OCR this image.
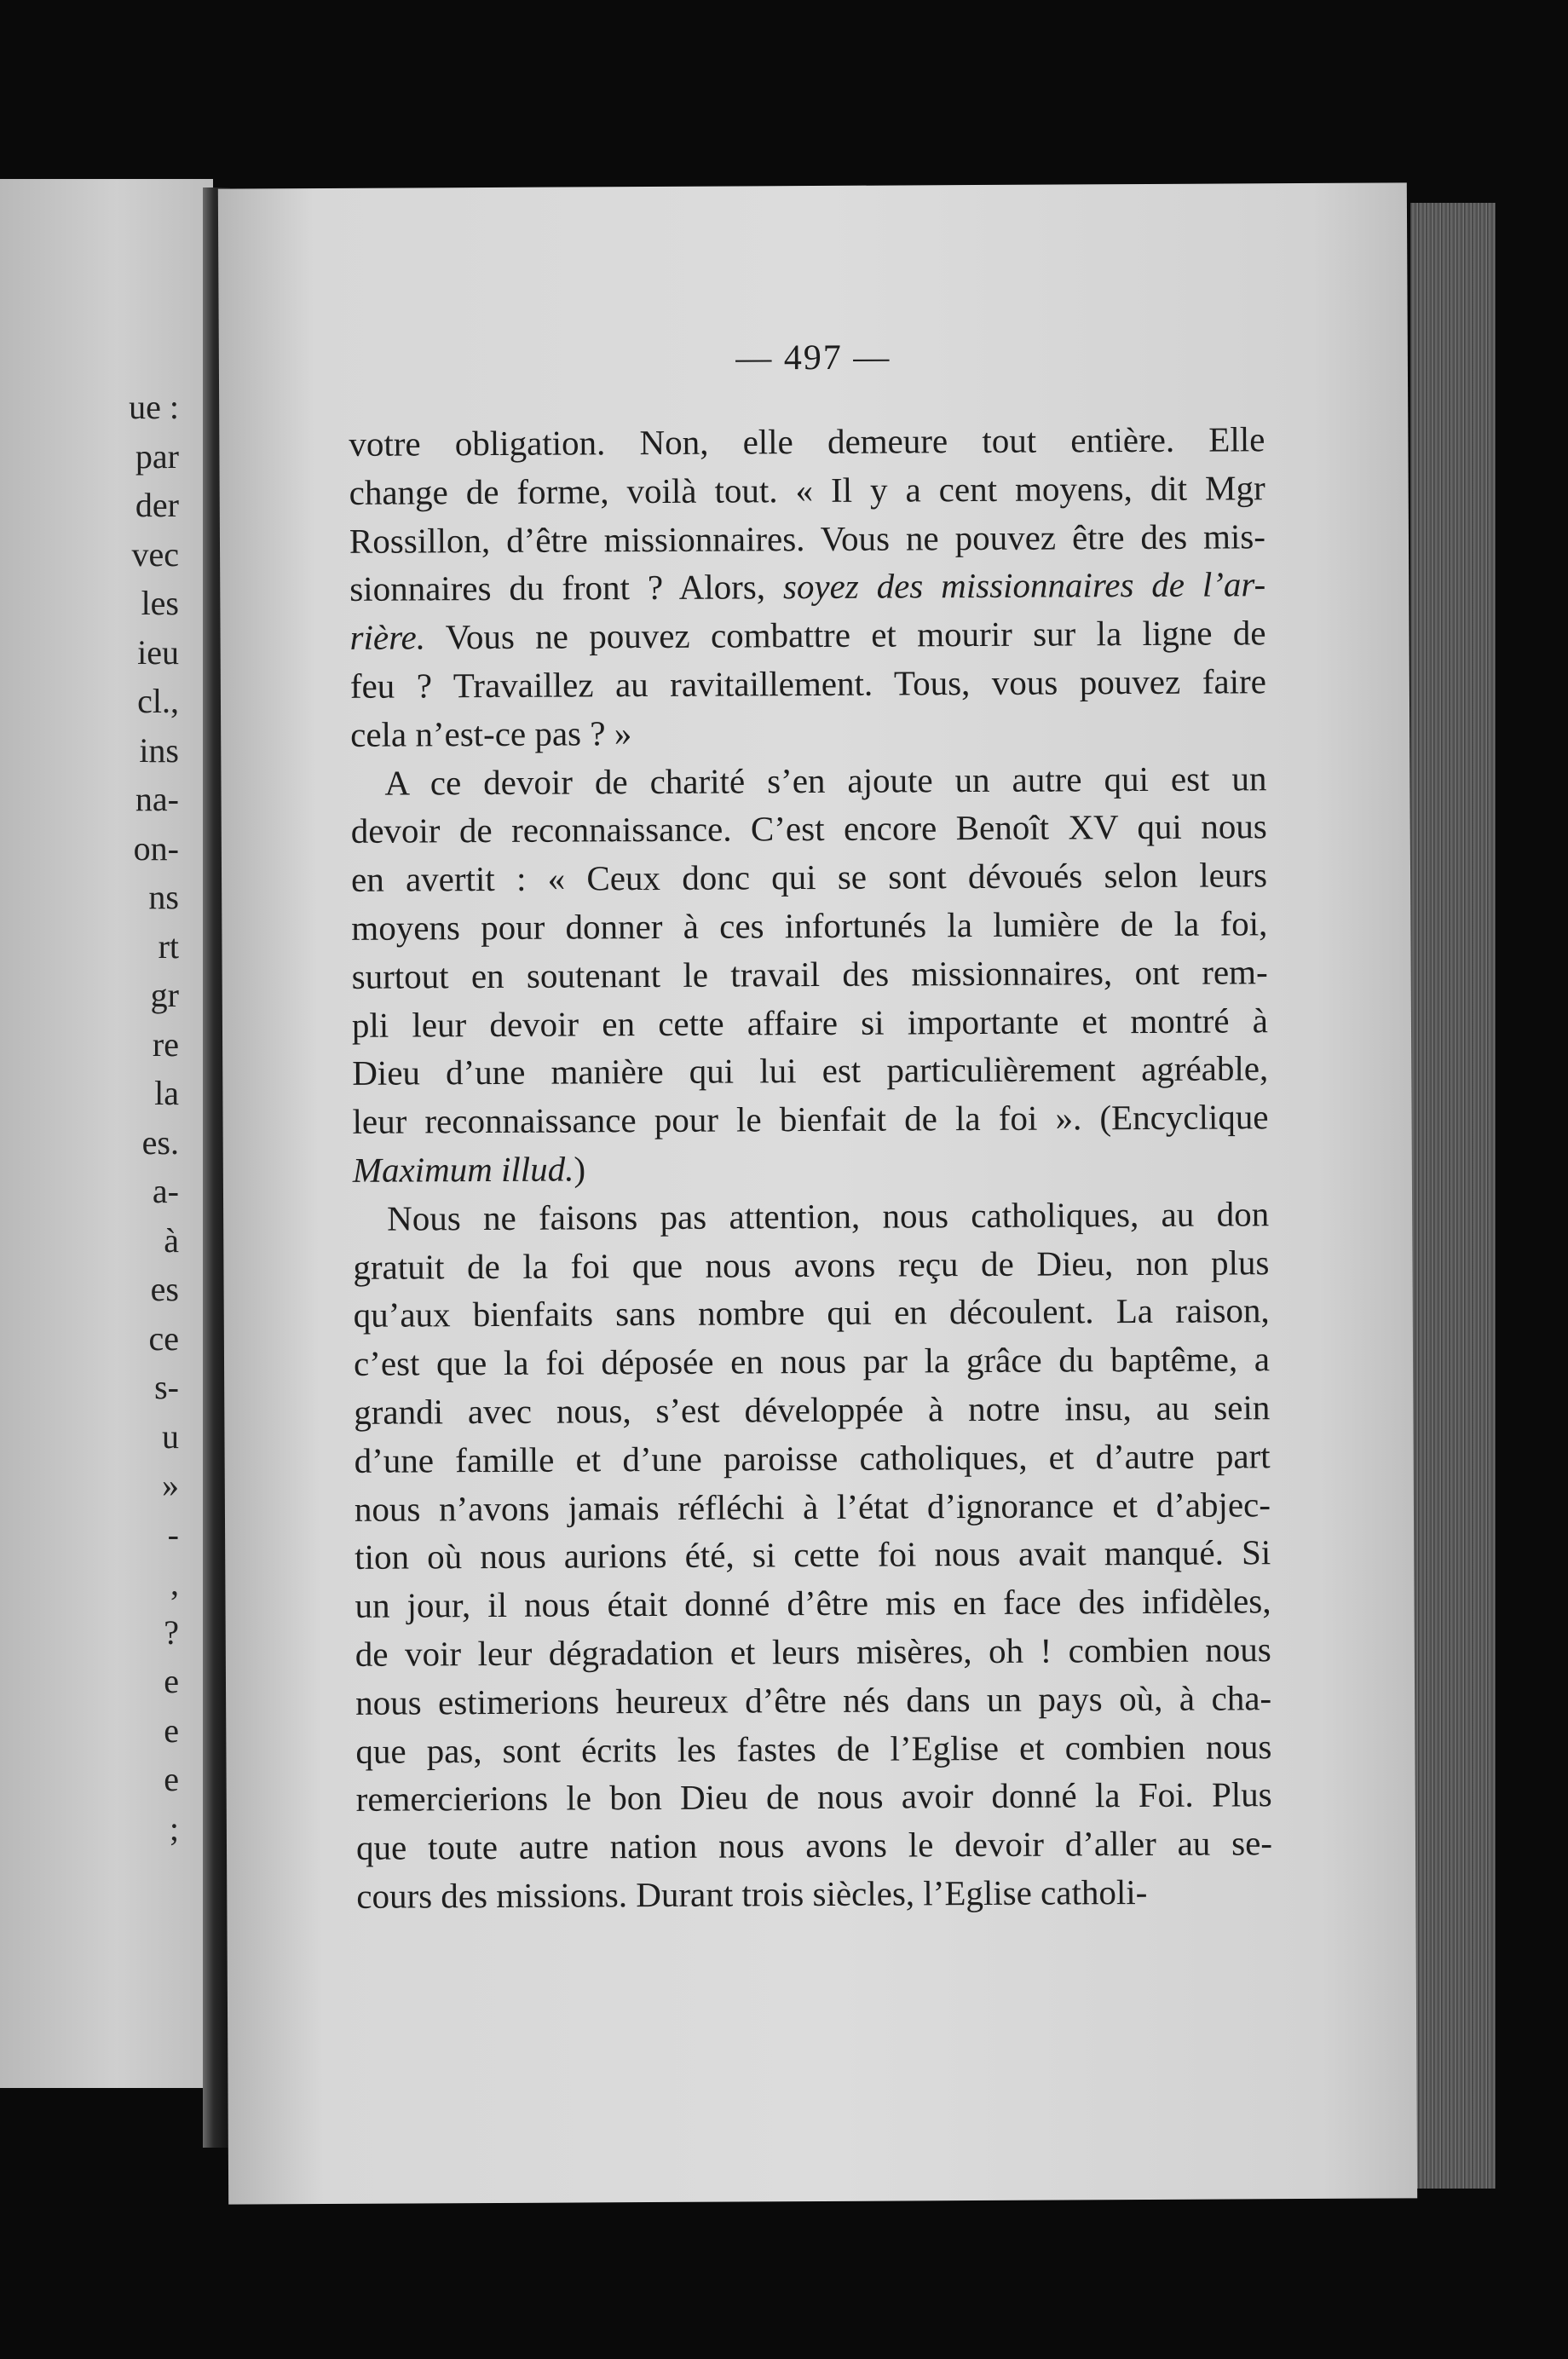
ue :
par
der
vec
les
ieu
cl.,
ins
na-
on-
ns
rt
gr
re
la
es.
a-
à
es
ce
s-
u
»
-
,
?
e
e
e
;
— 497 —
votre obligation. Non, elle demeure tout entière. Elle
change de forme, voilà tout. « Il y a cent moyens, dit Mgr
Rossillon, d’être missionnaires. Vous ne pouvez être des mis-
sionnaires du front ? Alors, soyez des missionnaires de l’ar-
rière. Vous ne pouvez combattre et mourir sur la ligne de
feu ? Travaillez au ravitaillement. Tous, vous pouvez faire
cela n’est-ce pas ? »
A ce devoir de charité s’en ajoute un autre qui est un
devoir de reconnaissance. C’est encore Benoît XV qui nous
en avertit : « Ceux donc qui se sont dévoués selon leurs
moyens pour donner à ces infortunés la lumière de la foi,
surtout en soutenant le travail des missionnaires, ont rem-
pli leur devoir en cette affaire si importante et montré à
Dieu d’une manière qui lui est particulièrement agréable,
leur reconnaissance pour le bienfait de la foi ». (Encyclique
Maximum illud.)
Nous ne faisons pas attention, nous catholiques, au don
gratuit de la foi que nous avons reçu de Dieu, non plus
qu’aux bienfaits sans nombre qui en découlent. La raison,
c’est que la foi déposée en nous par la grâce du baptême, a
grandi avec nous, s’est développée à notre insu, au sein
d’une famille et d’une paroisse catholiques, et d’autre part
nous n’avons jamais réfléchi à l’état d’ignorance et d’abjec-
tion où nous aurions été, si cette foi nous avait manqué. Si
un jour, il nous était donné d’être mis en face des infidèles,
de voir leur dégradation et leurs misères, oh ! combien nous
nous estimerions heureux d’être nés dans un pays où, à cha-
que pas, sont écrits les fastes de l’Eglise et combien nous
remercierions le bon Dieu de nous avoir donné la Foi. Plus
que toute autre nation nous avons le devoir d’aller au se-
cours des missions. Durant trois siècles, l’Eglise catholi-
